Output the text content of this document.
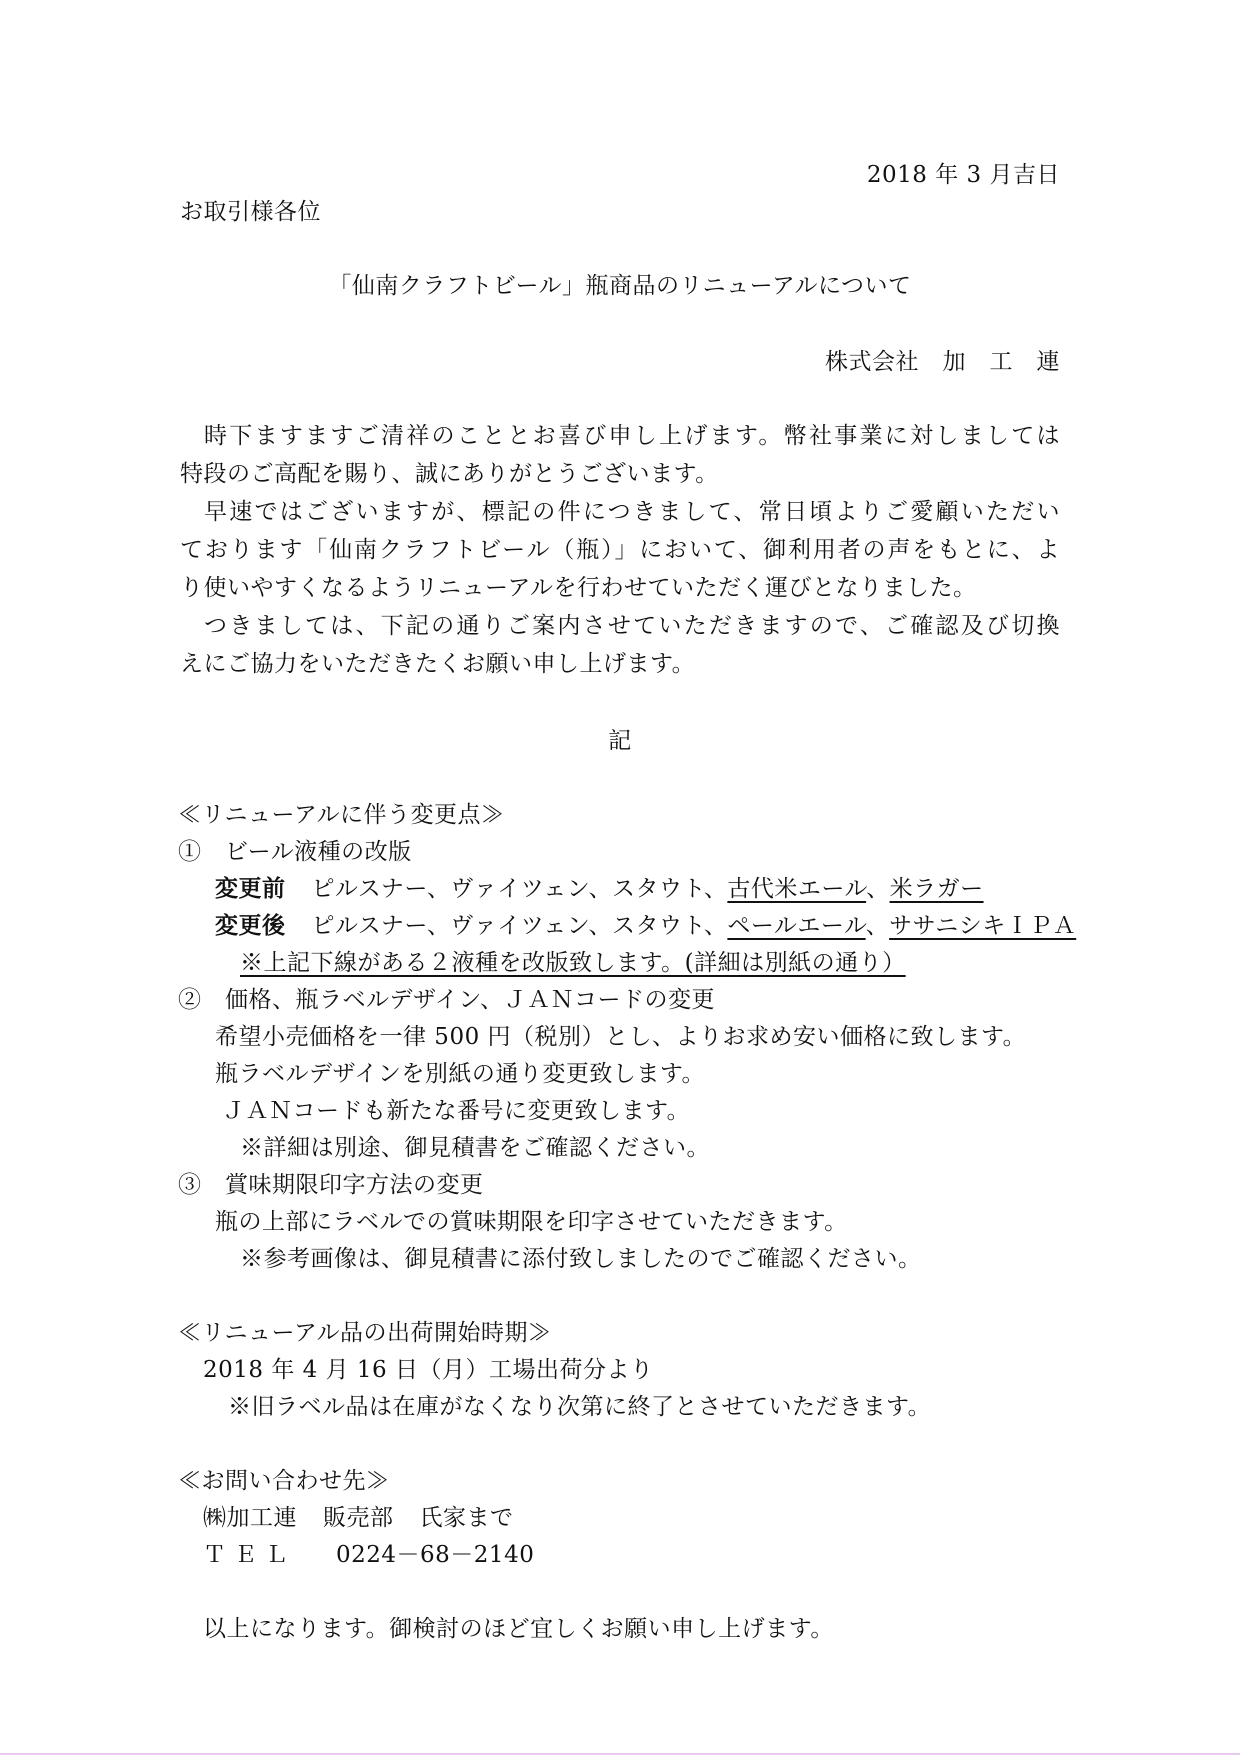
2018 年 3 月吉日
お取引様各位
「仙南クラフトビール」瓶商品のリニューアルについて
株式会社　加　工　連
時下ますますご清祥のこととお喜び申し上げます。幣社事業に対しましては
特段のご高配を賜り、誠にありがとうございます。
早速ではございますが、標記の件につきまして、常日頃よりご愛顧いただい
ております「仙南クラフトビール（瓶）」において、御利用者の声をもとに、よ
り使いやすくなるようリニューアルを行わせていただく運びとなりました。
つきましては、下記の通りご案内させていただきますので、ご確認及び切換
えにご協力をいただきたくお願い申し上げます。
記
≪リニューアルに伴う変更点≫
①　ビール液種の改版
変更前 ピルスナー、ヴァイツェン、スタウト、古代米エール、米ラガー
変更後 ピルスナー、ヴァイツェン、スタウト、ペールエール、ササニシキＩＰＡ
※上記下線がある２液種を改版致します。(詳細は別紙の通り）
②　価格、瓶ラベルデザイン、ＪＡＮコードの変更
希望小売価格を一律 500 円（税別）とし、よりお求め安い価格に致します。
瓶ラベルデザインを別紙の通り変更致します。
ＪＡＮコードも新たな番号に変更致します。
※詳細は別途、御見積書をご確認ください。
③　賞味期限印字方法の変更
瓶の上部にラベルでの賞味期限を印字させていただきます。
※参考画像は、御見積書に添付致しましたのでご確認ください。
≪リニューアル品の出荷開始時期≫
2018 年 4 月 16 日（月）工場出荷分より
※旧ラベル品は在庫がなくなり次第に終了とさせていただきます。
≪お問い合わせ先≫
㈱加工連 販売部 氏家まで
ＴＥＬ 0224－68－2140
以上になります。御検討のほど宜しくお願い申し上げます。
